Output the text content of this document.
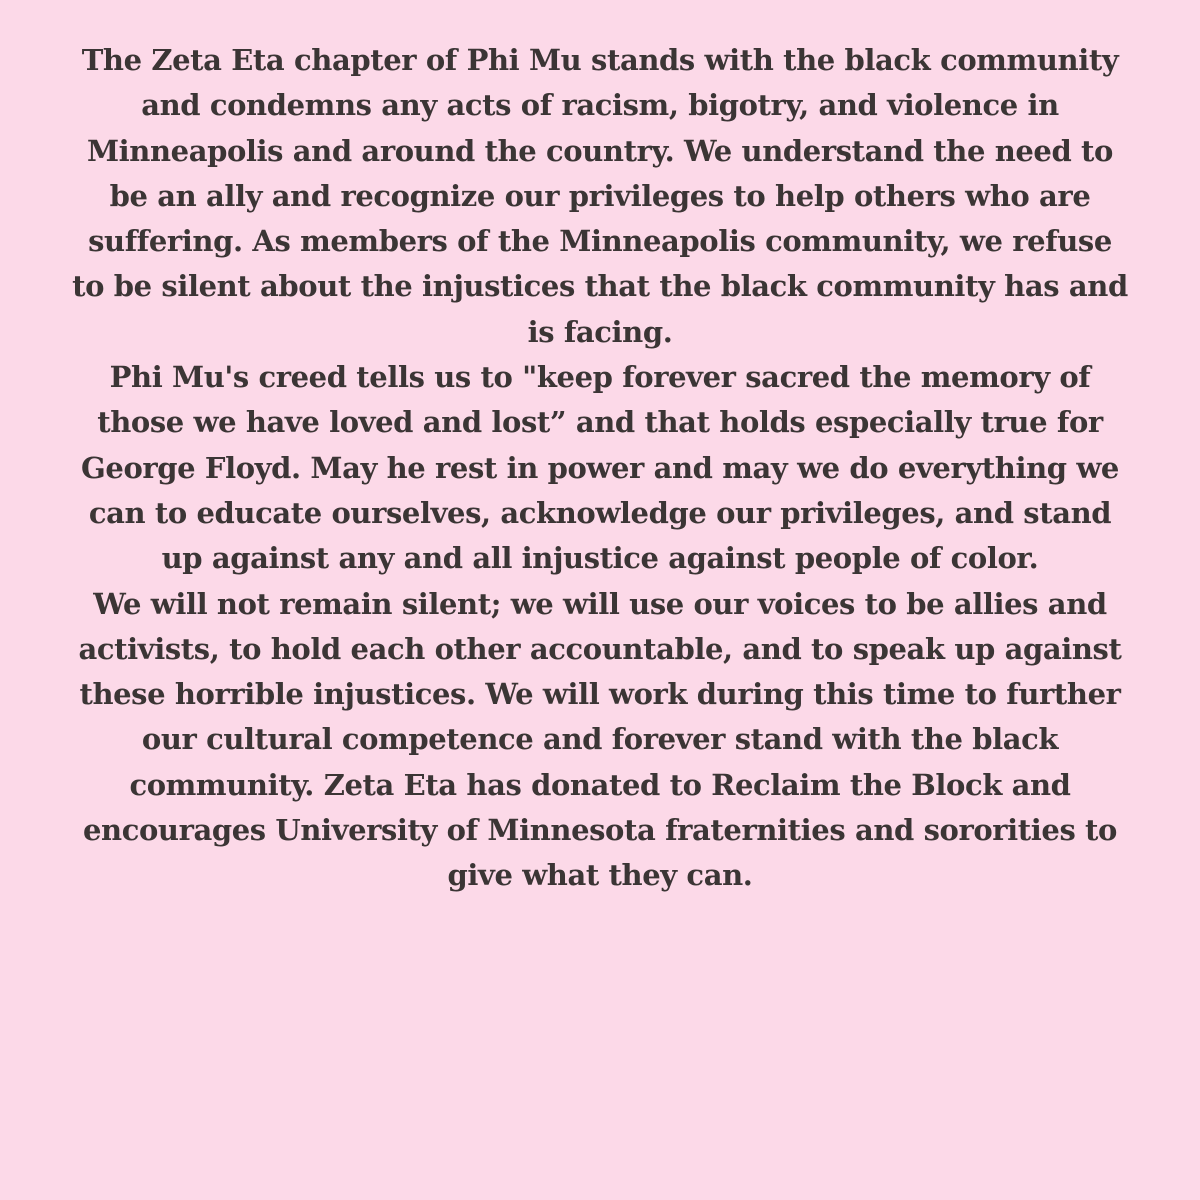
The Zeta Eta chapter of Phi Mu stands with the black community
and condemns any acts of racism, bigotry, and violence in
Minneapolis and around the country. We understand the need to
be an ally and recognize our privileges to help others who are
suffering. As members of the Minneapolis community, we refuse
to be silent about the injustices that the black community has and
is facing.
Phi Mu's creed tells us to "keep forever sacred the memory of
those we have loved and lost” and that holds especially true for
George Floyd. May he rest in power and may we do everything we
can to educate ourselves, acknowledge our privileges, and stand
up against any and all injustice against people of color.
We will not remain silent; we will use our voices to be allies and
activists, to hold each other accountable, and to speak up against
these horrible injustices. We will work during this time to further
our cultural competence and forever stand with the black
community. Zeta Eta has donated to Reclaim the Block and
encourages University of Minnesota fraternities and sororities to
give what they can.
